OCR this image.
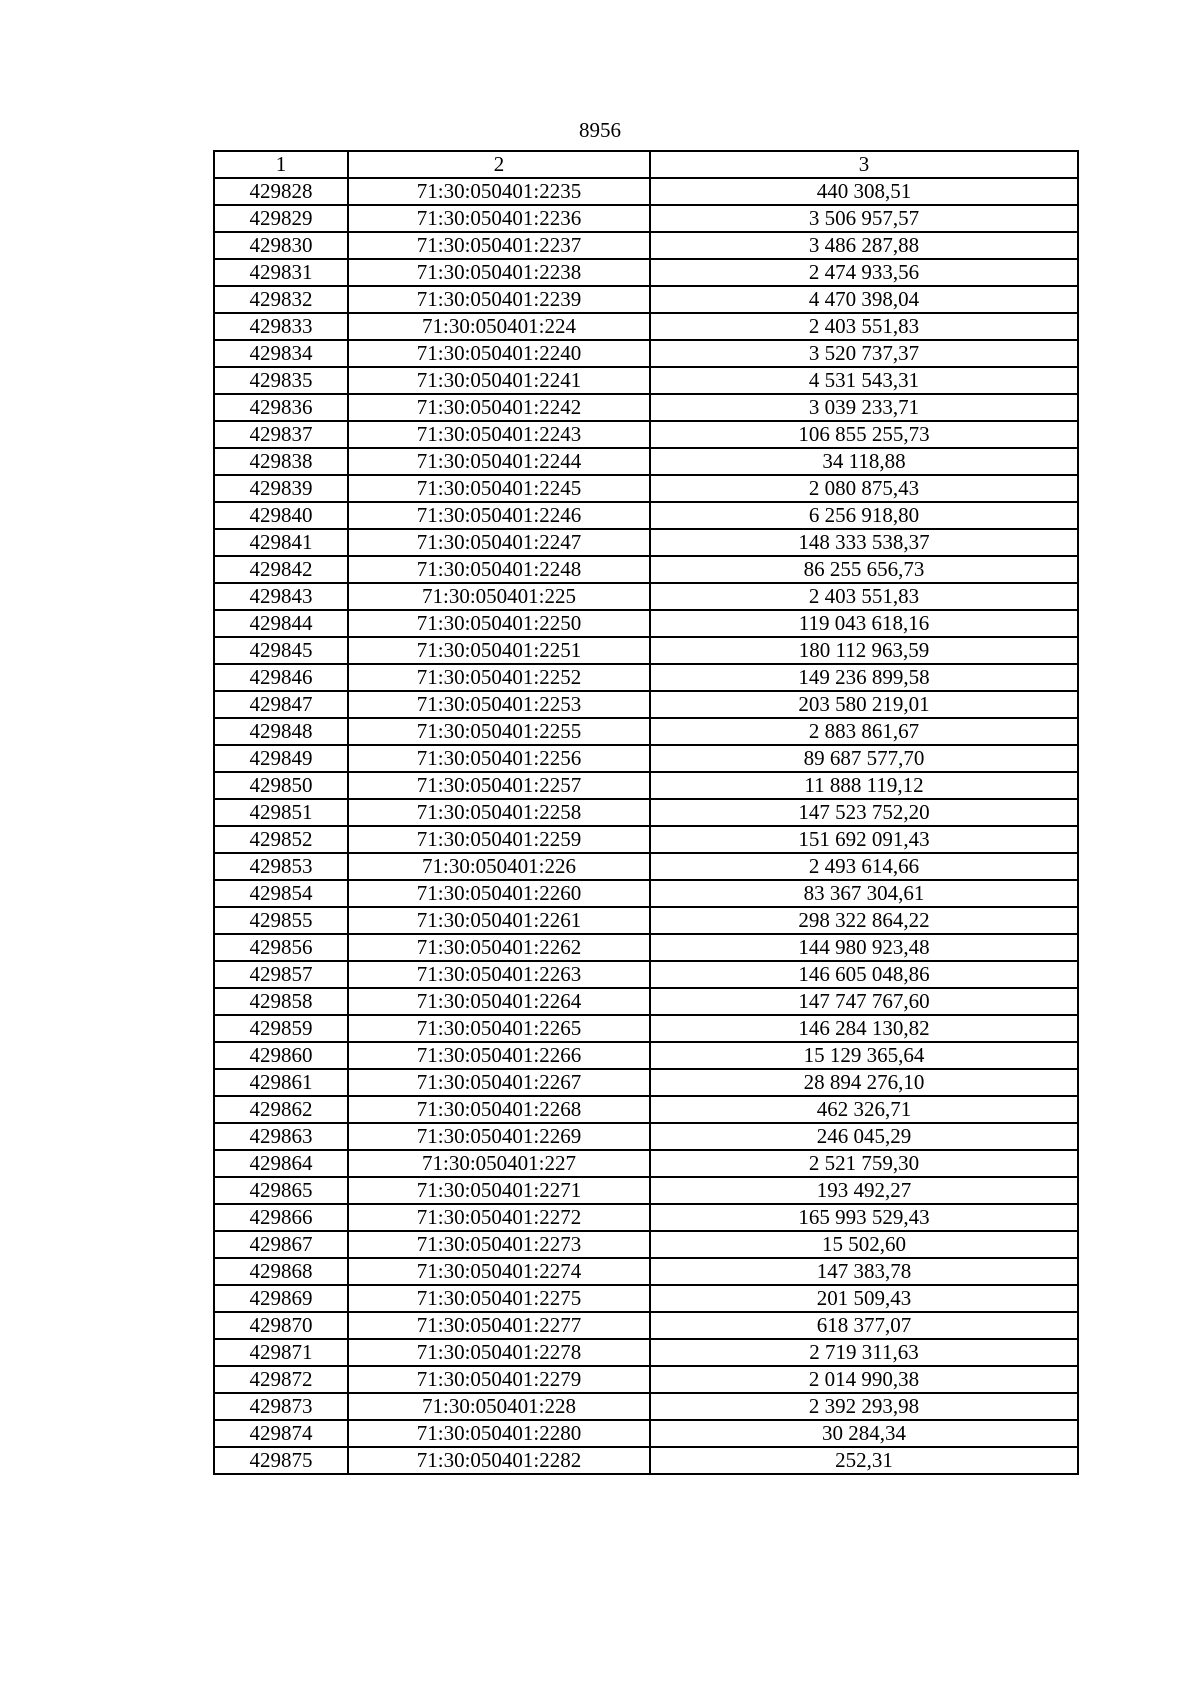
8956
1	2	3
429828	71:30:050401:2235	440 308,51
429829	71:30:050401:2236	3 506 957,57
429830	71:30:050401:2237	3 486 287,88
429831	71:30:050401:2238	2 474 933,56
429832	71:30:050401:2239	4 470 398,04
429833	71:30:050401:224	2 403 551,83
429834	71:30:050401:2240	3 520 737,37
429835	71:30:050401:2241	4 531 543,31
429836	71:30:050401:2242	3 039 233,71
429837	71:30:050401:2243	106 855 255,73
429838	71:30:050401:2244	34 118,88
429839	71:30:050401:2245	2 080 875,43
429840	71:30:050401:2246	6 256 918,80
429841	71:30:050401:2247	148 333 538,37
429842	71:30:050401:2248	86 255 656,73
429843	71:30:050401:225	2 403 551,83
429844	71:30:050401:2250	119 043 618,16
429845	71:30:050401:2251	180 112 963,59
429846	71:30:050401:2252	149 236 899,58
429847	71:30:050401:2253	203 580 219,01
429848	71:30:050401:2255	2 883 861,67
429849	71:30:050401:2256	89 687 577,70
429850	71:30:050401:2257	11 888 119,12
429851	71:30:050401:2258	147 523 752,20
429852	71:30:050401:2259	151 692 091,43
429853	71:30:050401:226	2 493 614,66
429854	71:30:050401:2260	83 367 304,61
429855	71:30:050401:2261	298 322 864,22
429856	71:30:050401:2262	144 980 923,48
429857	71:30:050401:2263	146 605 048,86
429858	71:30:050401:2264	147 747 767,60
429859	71:30:050401:2265	146 284 130,82
429860	71:30:050401:2266	15 129 365,64
429861	71:30:050401:2267	28 894 276,10
429862	71:30:050401:2268	462 326,71
429863	71:30:050401:2269	246 045,29
429864	71:30:050401:227	2 521 759,30
429865	71:30:050401:2271	193 492,27
429866	71:30:050401:2272	165 993 529,43
429867	71:30:050401:2273	15 502,60
429868	71:30:050401:2274	147 383,78
429869	71:30:050401:2275	201 509,43
429870	71:30:050401:2277	618 377,07
429871	71:30:050401:2278	2 719 311,63
429872	71:30:050401:2279	2 014 990,38
429873	71:30:050401:228	2 392 293,98
429874	71:30:050401:2280	30 284,34
429875	71:30:050401:2282	252,31
